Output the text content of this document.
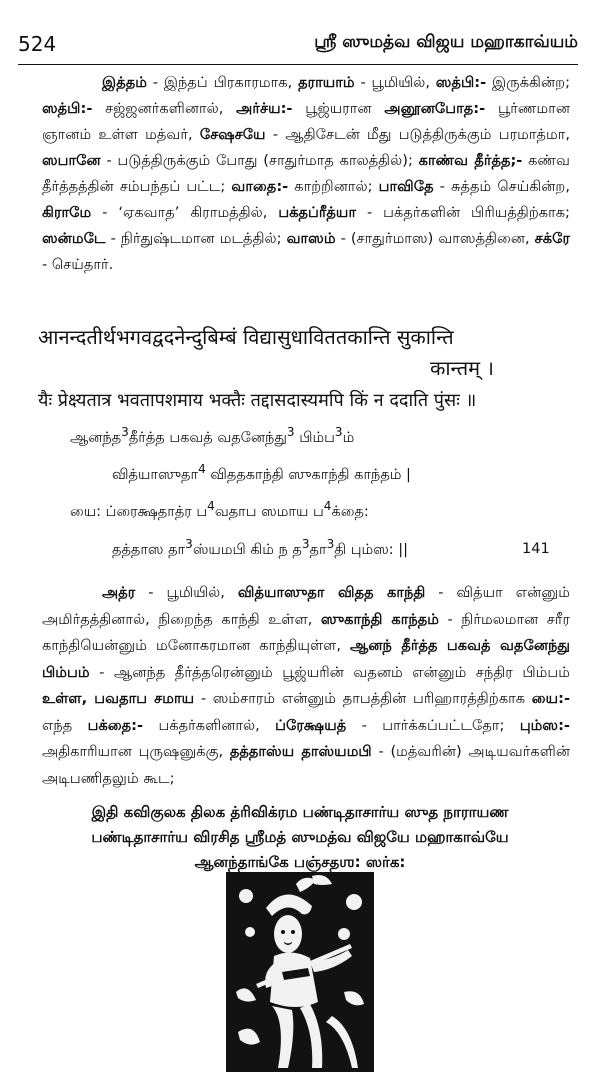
524	ஸ்ரீ ஸுமத்வ விஜய மஹாகாவ்யம்

இத்தம் - இந்தப் பிரகாரமாக, தராயாம் - பூமியில், ஸத்பி:- இருக்கின்ற; ஸத்பி:- சஜ்ஜனர்களினால், அர்ச்ய:- பூஜ்யரான அனூனபோத:- பூர்ணமான ஞானம் உள்ள மத்வர், சேஷசயே - ஆதிசேடன் மீது படுத்திருக்கும் பரமாத்மா, ஸபானே - படுத்திருக்கும் போது (சாதுர்மாத காலத்தில்); காண்வ தீர்த்த;- கண்வ தீர்த்தத்தின் சம்பந்தப் பட்ட; வாதை:- காற்றினால்; பாவிதே - சுத்தம் செய்கின்ற, கிராமே - ‘ஏகவாத’ கிராமத்தில், பக்தப்ரீத்யா - பக்தர்களின் பிரியத்திற்காக; ஸன்மடே - நிர்துஷ்டமான மடத்தில்; வாஸம் - (சாதுர்மாஸ) வாஸத்தினை, சக்ரே - செய்தார்.

आनन्दतीर्थभगवद्वदनेन्दुबिम्बं विद्यासुधाविततकान्ति सुकान्ति
कान्तम् ।
यैः प्रेक्ष्यतात्र भवतापशमाय भक्तैः तद्दासदास्यमपि किं न ददाति पुंसः ॥
ஆனந்த$^3$தீர்த்த பகவத் வதனேந்து$^3$ பிம்ப$^3$ம்
வித்யாஸுதா$^4$ விததகாந்தி ஸுகாந்தி காந்தம் |
யை: ப்ரைக்ஷதாத்ர ப$^4$வதாப ஸமாய ப$^4$க்தை:
தத்தாஸ தா$^3$ஸ்யமபி கிம் ந த$^3$தா$^3$தி பும்ஸ: ||	141

அத்ர - பூமியில், வித்யாஸுதா விதத காந்தி - வித்யா என்னும் அமிர்தத்தினால், நிறைந்த காந்தி உள்ள, ஸுகாந்தி காந்தம் - நிர்மலமான சரீர காந்தியென்னும் மனோகரமான காந்தியுள்ள, ஆனந் தீர்த்த பகவத் வதனேந்து பிம்பம் - ஆனந்த தீர்த்தரென்னும் பூஜ்யரின் வதனம் என்னும் சந்திர பிம்பம் உள்ள, பவதாப சமாய - ஸம்சாரம் என்னும் தாபத்தின் பரிஹாரத்திற்காக யை:- எந்த பக்தை:- பக்தர்களினால், ப்ரேக்ஷயத் - பார்க்கப்பட்டதோ; பும்ஸ:- அதிகாரியான புருஷனுக்கு, தத்தாஸ்ய தாஸ்யமபி - (மத்வரின்) அடியவர்களின் அடிபணிதலும் கூட;

இதி கவிகுலக திலக த்ரிவிக்ரம பண்டிதாசார்ய ஸுத நாராயண
பண்டிதாசார்ய விரசித ஸ்ரீமத் ஸுமத்வ விஜயே மஹாகாவ்யே
ஆனந்தாங்கே பஞ்சதஶ: ஸர்க:
